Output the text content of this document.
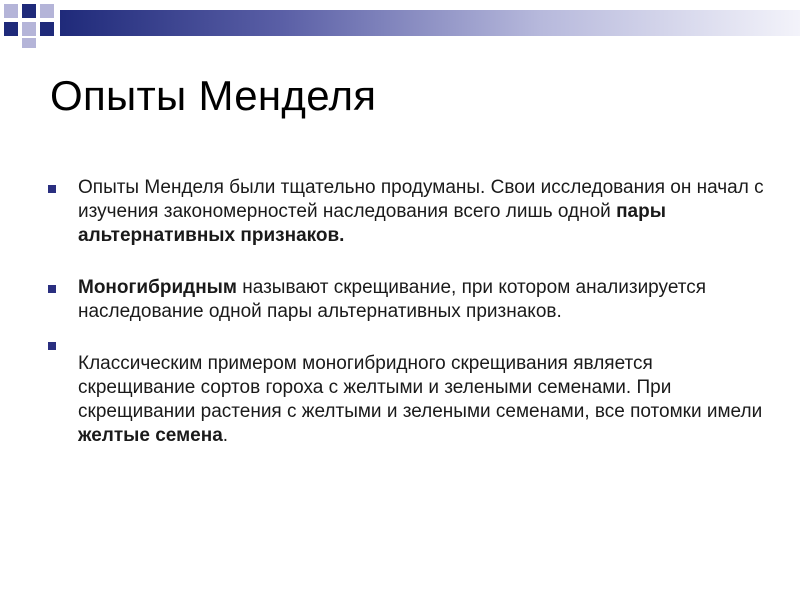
Опыты Менделя
Опыты Менделя были тщательно продуманы. Свои исследования он начал с изучения закономерностей наследования всего лишь одной пары альтернативных признаков.
Моногибридным называют скрещивание, при котором анализируется наследование одной пары альтернативных признаков.
Классическим примером моногибридного скрещивания является скрещивание сортов гороха с желтыми и зелеными семенами. При скрещивании растения с желтыми и зелеными семенами, все потомки имели желтые семена.
